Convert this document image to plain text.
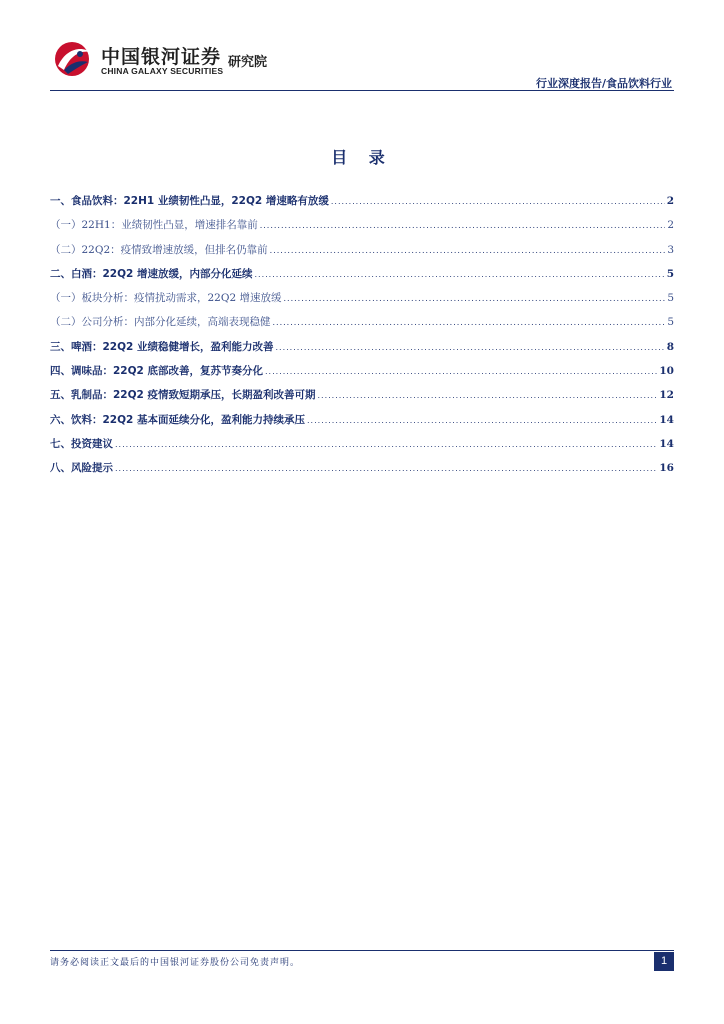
中国银河证券
CHINA GALAXY SECURITIES
研究院
行业深度报告/食品饮料行业
目 录
一、食品饮料：22H1 业绩韧性凸显，22Q2 增速略有放缓 .....	2
（一）22H1：业绩韧性凸显，增速排名靠前 .....	2
（二）22Q2：疫情致增速放缓，但排名仍靠前 .....	3
二、白酒：22Q2 增速放缓，内部分化延续 .....	5
（一）板块分析：疫情扰动需求，22Q2 增速放缓 .....	5
（二）公司分析：内部分化延续，高端表现稳健 .....	5
三、啤酒：22Q2 业绩稳健增长，盈利能力改善 .....	8
四、调味品：22Q2 底部改善，复苏节奏分化 .....	10
五、乳制品：22Q2 疫情致短期承压，长期盈利改善可期 .....	12
六、饮料：22Q2 基本面延续分化，盈利能力持续承压 .....	14
七、投资建议 .....	14
八、风险提示 .....	16
请务必阅读正文最后的中国银河证券股份公司免责声明。	1
